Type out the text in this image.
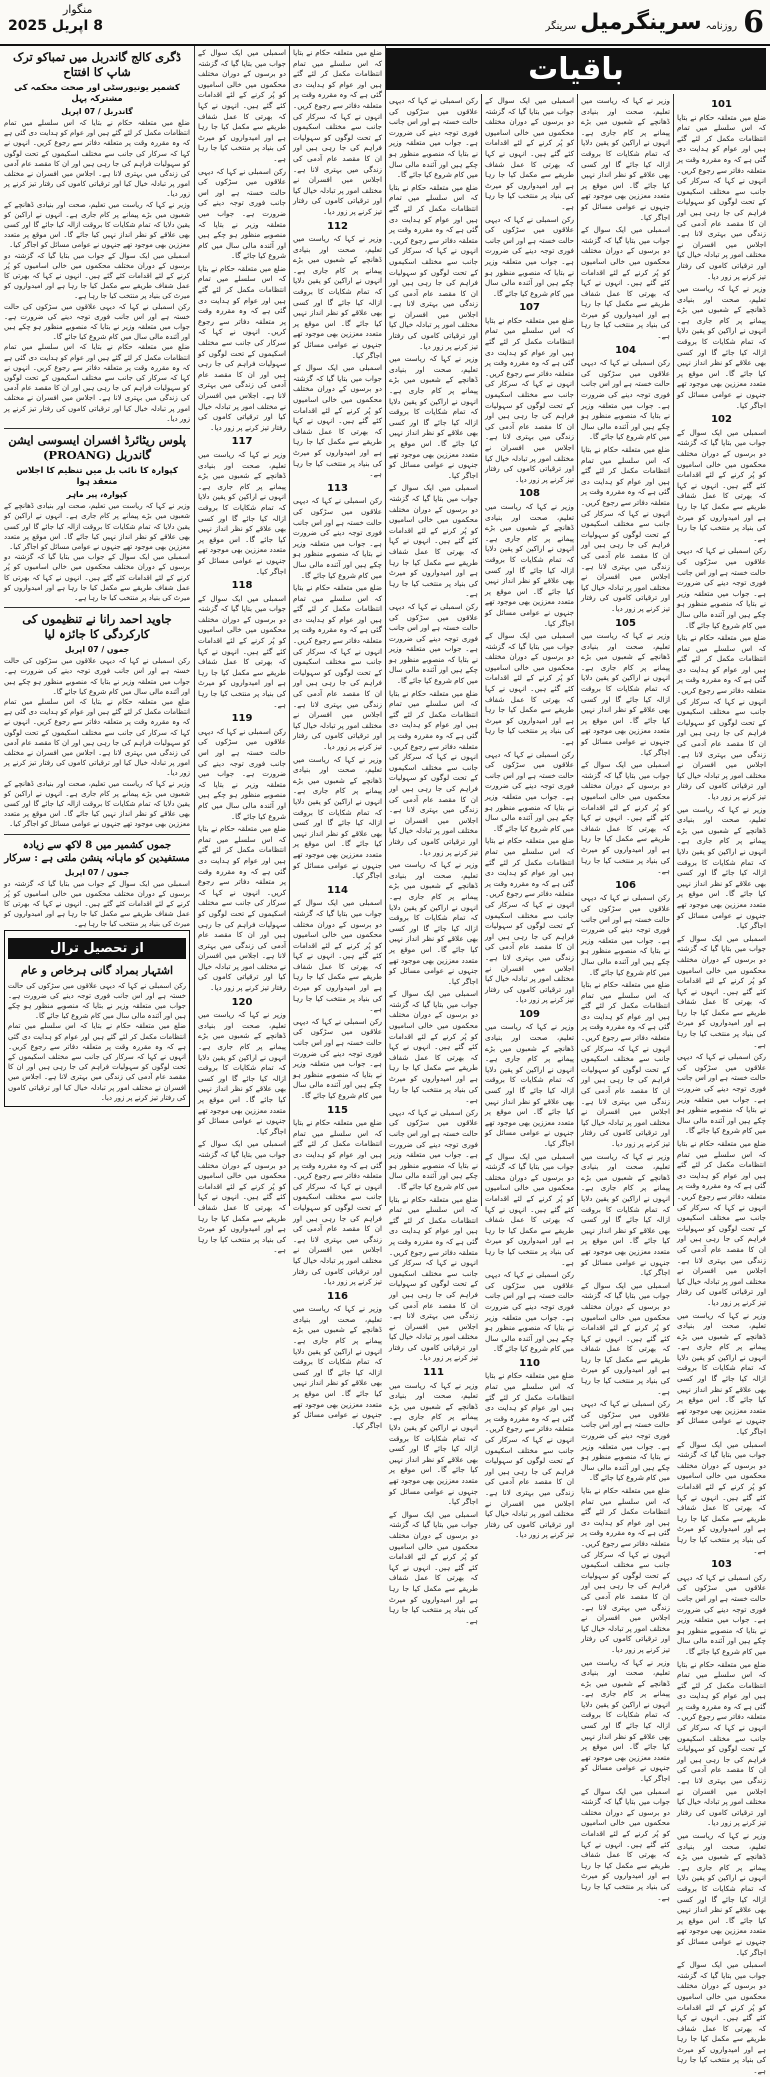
منگوار
8 اپریل 2025	6
روزنامہ
سرینگرمیل
سرینگر
باقیات
101

ضلع میں متعلقہ حکام نے بتایا کہ اس سلسلے میں تمام انتظامات مکمل کر لئے گئے ہیں اور عوام کو ہدایت دی گئی ہے کہ وہ مقررہ وقت پر متعلقہ دفاتر سے رجوع کریں۔ انہوں نے کہا کہ سرکار کی جانب سے مختلف اسکیموں کے تحت لوگوں کو سہولیات فراہم کی جا رہی ہیں اور ان کا مقصد عام آدمی کی زندگی میں بہتری لانا ہے۔ اجلاس میں افسران نے مختلف امور پر تبادلہ خیال کیا اور ترقیاتی کاموں کی رفتار تیز کرنے پر زور دیا۔

وزیر نے کہا کہ ریاست میں تعلیم، صحت اور بنیادی ڈھانچے کے شعبوں میں بڑے پیمانے پر کام جاری ہے۔ انہوں نے اراکین کو یقین دلایا کہ تمام شکایات کا بروقت ازالہ کیا جائے گا اور کسی بھی علاقے کو نظر انداز نہیں کیا جائے گا۔ اس موقع پر متعدد معززین بھی موجود تھے جنہوں نے عوامی مسائل کو اجاگر کیا۔

102

اسمبلی میں ایک سوال کے جواب میں بتایا گیا کہ گزشتہ دو برسوں کے دوران مختلف محکموں میں خالی اسامیوں کو پُر کرنے کے لئے اقدامات کئے گئے ہیں۔ انہوں نے کہا کہ بھرتی کا عمل شفاف طریقے سے مکمل کیا جا رہا ہے اور امیدواروں کو میرٹ کی بنیاد پر منتخب کیا جا رہا ہے۔

رکن اسمبلی نے کہا کہ دیہی علاقوں میں سڑکوں کی حالت خستہ ہے اور اس جانب فوری توجہ دینے کی ضرورت ہے۔ جواب میں متعلقہ وزیر نے بتایا کہ منصوبے منظور ہو چکے ہیں اور آئندہ مالی سال میں کام شروع کیا جائے گا۔

ضلع میں متعلقہ حکام نے بتایا کہ اس سلسلے میں تمام انتظامات مکمل کر لئے گئے ہیں اور عوام کو ہدایت دی گئی ہے کہ وہ مقررہ وقت پر متعلقہ دفاتر سے رجوع کریں۔ انہوں نے کہا کہ سرکار کی جانب سے مختلف اسکیموں کے تحت لوگوں کو سہولیات فراہم کی جا رہی ہیں اور ان کا مقصد عام آدمی کی زندگی میں بہتری لانا ہے۔ اجلاس میں افسران نے مختلف امور پر تبادلہ خیال کیا اور ترقیاتی کاموں کی رفتار تیز کرنے پر زور دیا۔

وزیر نے کہا کہ ریاست میں تعلیم، صحت اور بنیادی ڈھانچے کے شعبوں میں بڑے پیمانے پر کام جاری ہے۔ انہوں نے اراکین کو یقین دلایا کہ تمام شکایات کا بروقت ازالہ کیا جائے گا اور کسی بھی علاقے کو نظر انداز نہیں کیا جائے گا۔ اس موقع پر متعدد معززین بھی موجود تھے جنہوں نے عوامی مسائل کو اجاگر کیا۔

اسمبلی میں ایک سوال کے جواب میں بتایا گیا کہ گزشتہ دو برسوں کے دوران مختلف محکموں میں خالی اسامیوں کو پُر کرنے کے لئے اقدامات کئے گئے ہیں۔ انہوں نے کہا کہ بھرتی کا عمل شفاف طریقے سے مکمل کیا جا رہا ہے اور امیدواروں کو میرٹ کی بنیاد پر منتخب کیا جا رہا ہے۔

رکن اسمبلی نے کہا کہ دیہی علاقوں میں سڑکوں کی حالت خستہ ہے اور اس جانب فوری توجہ دینے کی ضرورت ہے۔ جواب میں متعلقہ وزیر نے بتایا کہ منصوبے منظور ہو چکے ہیں اور آئندہ مالی سال میں کام شروع کیا جائے گا۔

ضلع میں متعلقہ حکام نے بتایا کہ اس سلسلے میں تمام انتظامات مکمل کر لئے گئے ہیں اور عوام کو ہدایت دی گئی ہے کہ وہ مقررہ وقت پر متعلقہ دفاتر سے رجوع کریں۔ انہوں نے کہا کہ سرکار کی جانب سے مختلف اسکیموں کے تحت لوگوں کو سہولیات فراہم کی جا رہی ہیں اور ان کا مقصد عام آدمی کی زندگی میں بہتری لانا ہے۔ اجلاس میں افسران نے مختلف امور پر تبادلہ خیال کیا اور ترقیاتی کاموں کی رفتار تیز کرنے پر زور دیا۔

وزیر نے کہا کہ ریاست میں تعلیم، صحت اور بنیادی ڈھانچے کے شعبوں میں بڑے پیمانے پر کام جاری ہے۔ انہوں نے اراکین کو یقین دلایا کہ تمام شکایات کا بروقت ازالہ کیا جائے گا اور کسی بھی علاقے کو نظر انداز نہیں کیا جائے گا۔ اس موقع پر متعدد معززین بھی موجود تھے جنہوں نے عوامی مسائل کو اجاگر کیا۔

اسمبلی میں ایک سوال کے جواب میں بتایا گیا کہ گزشتہ دو برسوں کے دوران مختلف محکموں میں خالی اسامیوں کو پُر کرنے کے لئے اقدامات کئے گئے ہیں۔ انہوں نے کہا کہ بھرتی کا عمل شفاف طریقے سے مکمل کیا جا رہا ہے اور امیدواروں کو میرٹ کی بنیاد پر منتخب کیا جا رہا ہے۔

103

رکن اسمبلی نے کہا کہ دیہی علاقوں میں سڑکوں کی حالت خستہ ہے اور اس جانب فوری توجہ دینے کی ضرورت ہے۔ جواب میں متعلقہ وزیر نے بتایا کہ منصوبے منظور ہو چکے ہیں اور آئندہ مالی سال میں کام شروع کیا جائے گا۔

ضلع میں متعلقہ حکام نے بتایا کہ اس سلسلے میں تمام انتظامات مکمل کر لئے گئے ہیں اور عوام کو ہدایت دی گئی ہے کہ وہ مقررہ وقت پر متعلقہ دفاتر سے رجوع کریں۔ انہوں نے کہا کہ سرکار کی جانب سے مختلف اسکیموں کے تحت لوگوں کو سہولیات فراہم کی جا رہی ہیں اور ان کا مقصد عام آدمی کی زندگی میں بہتری لانا ہے۔ اجلاس میں افسران نے مختلف امور پر تبادلہ خیال کیا اور ترقیاتی کاموں کی رفتار تیز کرنے پر زور دیا۔

وزیر نے کہا کہ ریاست میں تعلیم، صحت اور بنیادی ڈھانچے کے شعبوں میں بڑے پیمانے پر کام جاری ہے۔ انہوں نے اراکین کو یقین دلایا کہ تمام شکایات کا بروقت ازالہ کیا جائے گا اور کسی بھی علاقے کو نظر انداز نہیں کیا جائے گا۔ اس موقع پر متعدد معززین بھی موجود تھے جنہوں نے عوامی مسائل کو اجاگر کیا۔

اسمبلی میں ایک سوال کے جواب میں بتایا گیا کہ گزشتہ دو برسوں کے دوران مختلف محکموں میں خالی اسامیوں کو پُر کرنے کے لئے اقدامات کئے گئے ہیں۔ انہوں نے کہا کہ بھرتی کا عمل شفاف طریقے سے مکمل کیا جا رہا ہے اور امیدواروں کو میرٹ کی بنیاد پر منتخب کیا جا رہا ہے۔

وزیر نے کہا کہ ریاست میں تعلیم، صحت اور بنیادی ڈھانچے کے شعبوں میں بڑے پیمانے پر کام جاری ہے۔ انہوں نے اراکین کو یقین دلایا کہ تمام شکایات کا بروقت ازالہ کیا جائے گا اور کسی بھی علاقے کو نظر انداز نہیں کیا جائے گا۔ اس موقع پر متعدد معززین بھی موجود تھے جنہوں نے عوامی مسائل کو اجاگر کیا۔

اسمبلی میں ایک سوال کے جواب میں بتایا گیا کہ گزشتہ دو برسوں کے دوران مختلف محکموں میں خالی اسامیوں کو پُر کرنے کے لئے اقدامات کئے گئے ہیں۔ انہوں نے کہا کہ بھرتی کا عمل شفاف طریقے سے مکمل کیا جا رہا ہے اور امیدواروں کو میرٹ کی بنیاد پر منتخب کیا جا رہا ہے۔

104

رکن اسمبلی نے کہا کہ دیہی علاقوں میں سڑکوں کی حالت خستہ ہے اور اس جانب فوری توجہ دینے کی ضرورت ہے۔ جواب میں متعلقہ وزیر نے بتایا کہ منصوبے منظور ہو چکے ہیں اور آئندہ مالی سال میں کام شروع کیا جائے گا۔

ضلع میں متعلقہ حکام نے بتایا کہ اس سلسلے میں تمام انتظامات مکمل کر لئے گئے ہیں اور عوام کو ہدایت دی گئی ہے کہ وہ مقررہ وقت پر متعلقہ دفاتر سے رجوع کریں۔ انہوں نے کہا کہ سرکار کی جانب سے مختلف اسکیموں کے تحت لوگوں کو سہولیات فراہم کی جا رہی ہیں اور ان کا مقصد عام آدمی کی زندگی میں بہتری لانا ہے۔ اجلاس میں افسران نے مختلف امور پر تبادلہ خیال کیا اور ترقیاتی کاموں کی رفتار تیز کرنے پر زور دیا۔

105

وزیر نے کہا کہ ریاست میں تعلیم، صحت اور بنیادی ڈھانچے کے شعبوں میں بڑے پیمانے پر کام جاری ہے۔ انہوں نے اراکین کو یقین دلایا کہ تمام شکایات کا بروقت ازالہ کیا جائے گا اور کسی بھی علاقے کو نظر انداز نہیں کیا جائے گا۔ اس موقع پر متعدد معززین بھی موجود تھے جنہوں نے عوامی مسائل کو اجاگر کیا۔

اسمبلی میں ایک سوال کے جواب میں بتایا گیا کہ گزشتہ دو برسوں کے دوران مختلف محکموں میں خالی اسامیوں کو پُر کرنے کے لئے اقدامات کئے گئے ہیں۔ انہوں نے کہا کہ بھرتی کا عمل شفاف طریقے سے مکمل کیا جا رہا ہے اور امیدواروں کو میرٹ کی بنیاد پر منتخب کیا جا رہا ہے۔

106

رکن اسمبلی نے کہا کہ دیہی علاقوں میں سڑکوں کی حالت خستہ ہے اور اس جانب فوری توجہ دینے کی ضرورت ہے۔ جواب میں متعلقہ وزیر نے بتایا کہ منصوبے منظور ہو چکے ہیں اور آئندہ مالی سال میں کام شروع کیا جائے گا۔

ضلع میں متعلقہ حکام نے بتایا کہ اس سلسلے میں تمام انتظامات مکمل کر لئے گئے ہیں اور عوام کو ہدایت دی گئی ہے کہ وہ مقررہ وقت پر متعلقہ دفاتر سے رجوع کریں۔ انہوں نے کہا کہ سرکار کی جانب سے مختلف اسکیموں کے تحت لوگوں کو سہولیات فراہم کی جا رہی ہیں اور ان کا مقصد عام آدمی کی زندگی میں بہتری لانا ہے۔ اجلاس میں افسران نے مختلف امور پر تبادلہ خیال کیا اور ترقیاتی کاموں کی رفتار تیز کرنے پر زور دیا۔

وزیر نے کہا کہ ریاست میں تعلیم، صحت اور بنیادی ڈھانچے کے شعبوں میں بڑے پیمانے پر کام جاری ہے۔ انہوں نے اراکین کو یقین دلایا کہ تمام شکایات کا بروقت ازالہ کیا جائے گا اور کسی بھی علاقے کو نظر انداز نہیں کیا جائے گا۔ اس موقع پر متعدد معززین بھی موجود تھے جنہوں نے عوامی مسائل کو اجاگر کیا۔

اسمبلی میں ایک سوال کے جواب میں بتایا گیا کہ گزشتہ دو برسوں کے دوران مختلف محکموں میں خالی اسامیوں کو پُر کرنے کے لئے اقدامات کئے گئے ہیں۔ انہوں نے کہا کہ بھرتی کا عمل شفاف طریقے سے مکمل کیا جا رہا ہے اور امیدواروں کو میرٹ کی بنیاد پر منتخب کیا جا رہا ہے۔

رکن اسمبلی نے کہا کہ دیہی علاقوں میں سڑکوں کی حالت خستہ ہے اور اس جانب فوری توجہ دینے کی ضرورت ہے۔ جواب میں متعلقہ وزیر نے بتایا کہ منصوبے منظور ہو چکے ہیں اور آئندہ مالی سال میں کام شروع کیا جائے گا۔

ضلع میں متعلقہ حکام نے بتایا کہ اس سلسلے میں تمام انتظامات مکمل کر لئے گئے ہیں اور عوام کو ہدایت دی گئی ہے کہ وہ مقررہ وقت پر متعلقہ دفاتر سے رجوع کریں۔ انہوں نے کہا کہ سرکار کی جانب سے مختلف اسکیموں کے تحت لوگوں کو سہولیات فراہم کی جا رہی ہیں اور ان کا مقصد عام آدمی کی زندگی میں بہتری لانا ہے۔ اجلاس میں افسران نے مختلف امور پر تبادلہ خیال کیا اور ترقیاتی کاموں کی رفتار تیز کرنے پر زور دیا۔

وزیر نے کہا کہ ریاست میں تعلیم، صحت اور بنیادی ڈھانچے کے شعبوں میں بڑے پیمانے پر کام جاری ہے۔ انہوں نے اراکین کو یقین دلایا کہ تمام شکایات کا بروقت ازالہ کیا جائے گا اور کسی بھی علاقے کو نظر انداز نہیں کیا جائے گا۔ اس موقع پر متعدد معززین بھی موجود تھے جنہوں نے عوامی مسائل کو اجاگر کیا۔

اسمبلی میں ایک سوال کے جواب میں بتایا گیا کہ گزشتہ دو برسوں کے دوران مختلف محکموں میں خالی اسامیوں کو پُر کرنے کے لئے اقدامات کئے گئے ہیں۔ انہوں نے کہا کہ بھرتی کا عمل شفاف طریقے سے مکمل کیا جا رہا ہے اور امیدواروں کو میرٹ کی بنیاد پر منتخب کیا جا رہا ہے۔

اسمبلی میں ایک سوال کے جواب میں بتایا گیا کہ گزشتہ دو برسوں کے دوران مختلف محکموں میں خالی اسامیوں کو پُر کرنے کے لئے اقدامات کئے گئے ہیں۔ انہوں نے کہا کہ بھرتی کا عمل شفاف طریقے سے مکمل کیا جا رہا ہے اور امیدواروں کو میرٹ کی بنیاد پر منتخب کیا جا رہا ہے۔

رکن اسمبلی نے کہا کہ دیہی علاقوں میں سڑکوں کی حالت خستہ ہے اور اس جانب فوری توجہ دینے کی ضرورت ہے۔ جواب میں متعلقہ وزیر نے بتایا کہ منصوبے منظور ہو چکے ہیں اور آئندہ مالی سال میں کام شروع کیا جائے گا۔

107

ضلع میں متعلقہ حکام نے بتایا کہ اس سلسلے میں تمام انتظامات مکمل کر لئے گئے ہیں اور عوام کو ہدایت دی گئی ہے کہ وہ مقررہ وقت پر متعلقہ دفاتر سے رجوع کریں۔ انہوں نے کہا کہ سرکار کی جانب سے مختلف اسکیموں کے تحت لوگوں کو سہولیات فراہم کی جا رہی ہیں اور ان کا مقصد عام آدمی کی زندگی میں بہتری لانا ہے۔ اجلاس میں افسران نے مختلف امور پر تبادلہ خیال کیا اور ترقیاتی کاموں کی رفتار تیز کرنے پر زور دیا۔

108

وزیر نے کہا کہ ریاست میں تعلیم، صحت اور بنیادی ڈھانچے کے شعبوں میں بڑے پیمانے پر کام جاری ہے۔ انہوں نے اراکین کو یقین دلایا کہ تمام شکایات کا بروقت ازالہ کیا جائے گا اور کسی بھی علاقے کو نظر انداز نہیں کیا جائے گا۔ اس موقع پر متعدد معززین بھی موجود تھے جنہوں نے عوامی مسائل کو اجاگر کیا۔

اسمبلی میں ایک سوال کے جواب میں بتایا گیا کہ گزشتہ دو برسوں کے دوران مختلف محکموں میں خالی اسامیوں کو پُر کرنے کے لئے اقدامات کئے گئے ہیں۔ انہوں نے کہا کہ بھرتی کا عمل شفاف طریقے سے مکمل کیا جا رہا ہے اور امیدواروں کو میرٹ کی بنیاد پر منتخب کیا جا رہا ہے۔

رکن اسمبلی نے کہا کہ دیہی علاقوں میں سڑکوں کی حالت خستہ ہے اور اس جانب فوری توجہ دینے کی ضرورت ہے۔ جواب میں متعلقہ وزیر نے بتایا کہ منصوبے منظور ہو چکے ہیں اور آئندہ مالی سال میں کام شروع کیا جائے گا۔

ضلع میں متعلقہ حکام نے بتایا کہ اس سلسلے میں تمام انتظامات مکمل کر لئے گئے ہیں اور عوام کو ہدایت دی گئی ہے کہ وہ مقررہ وقت پر متعلقہ دفاتر سے رجوع کریں۔ انہوں نے کہا کہ سرکار کی جانب سے مختلف اسکیموں کے تحت لوگوں کو سہولیات فراہم کی جا رہی ہیں اور ان کا مقصد عام آدمی کی زندگی میں بہتری لانا ہے۔ اجلاس میں افسران نے مختلف امور پر تبادلہ خیال کیا اور ترقیاتی کاموں کی رفتار تیز کرنے پر زور دیا۔

109

وزیر نے کہا کہ ریاست میں تعلیم، صحت اور بنیادی ڈھانچے کے شعبوں میں بڑے پیمانے پر کام جاری ہے۔ انہوں نے اراکین کو یقین دلایا کہ تمام شکایات کا بروقت ازالہ کیا جائے گا اور کسی بھی علاقے کو نظر انداز نہیں کیا جائے گا۔ اس موقع پر متعدد معززین بھی موجود تھے جنہوں نے عوامی مسائل کو اجاگر کیا۔

اسمبلی میں ایک سوال کے جواب میں بتایا گیا کہ گزشتہ دو برسوں کے دوران مختلف محکموں میں خالی اسامیوں کو پُر کرنے کے لئے اقدامات کئے گئے ہیں۔ انہوں نے کہا کہ بھرتی کا عمل شفاف طریقے سے مکمل کیا جا رہا ہے اور امیدواروں کو میرٹ کی بنیاد پر منتخب کیا جا رہا ہے۔

رکن اسمبلی نے کہا کہ دیہی علاقوں میں سڑکوں کی حالت خستہ ہے اور اس جانب فوری توجہ دینے کی ضرورت ہے۔ جواب میں متعلقہ وزیر نے بتایا کہ منصوبے منظور ہو چکے ہیں اور آئندہ مالی سال میں کام شروع کیا جائے گا۔

110

ضلع میں متعلقہ حکام نے بتایا کہ اس سلسلے میں تمام انتظامات مکمل کر لئے گئے ہیں اور عوام کو ہدایت دی گئی ہے کہ وہ مقررہ وقت پر متعلقہ دفاتر سے رجوع کریں۔ انہوں نے کہا کہ سرکار کی جانب سے مختلف اسکیموں کے تحت لوگوں کو سہولیات فراہم کی جا رہی ہیں اور ان کا مقصد عام آدمی کی زندگی میں بہتری لانا ہے۔ اجلاس میں افسران نے مختلف امور پر تبادلہ خیال کیا اور ترقیاتی کاموں کی رفتار تیز کرنے پر زور دیا۔

رکن اسمبلی نے کہا کہ دیہی علاقوں میں سڑکوں کی حالت خستہ ہے اور اس جانب فوری توجہ دینے کی ضرورت ہے۔ جواب میں متعلقہ وزیر نے بتایا کہ منصوبے منظور ہو چکے ہیں اور آئندہ مالی سال میں کام شروع کیا جائے گا۔

ضلع میں متعلقہ حکام نے بتایا کہ اس سلسلے میں تمام انتظامات مکمل کر لئے گئے ہیں اور عوام کو ہدایت دی گئی ہے کہ وہ مقررہ وقت پر متعلقہ دفاتر سے رجوع کریں۔ انہوں نے کہا کہ سرکار کی جانب سے مختلف اسکیموں کے تحت لوگوں کو سہولیات فراہم کی جا رہی ہیں اور ان کا مقصد عام آدمی کی زندگی میں بہتری لانا ہے۔ اجلاس میں افسران نے مختلف امور پر تبادلہ خیال کیا اور ترقیاتی کاموں کی رفتار تیز کرنے پر زور دیا۔

وزیر نے کہا کہ ریاست میں تعلیم، صحت اور بنیادی ڈھانچے کے شعبوں میں بڑے پیمانے پر کام جاری ہے۔ انہوں نے اراکین کو یقین دلایا کہ تمام شکایات کا بروقت ازالہ کیا جائے گا اور کسی بھی علاقے کو نظر انداز نہیں کیا جائے گا۔ اس موقع پر متعدد معززین بھی موجود تھے جنہوں نے عوامی مسائل کو اجاگر کیا۔

اسمبلی میں ایک سوال کے جواب میں بتایا گیا کہ گزشتہ دو برسوں کے دوران مختلف محکموں میں خالی اسامیوں کو پُر کرنے کے لئے اقدامات کئے گئے ہیں۔ انہوں نے کہا کہ بھرتی کا عمل شفاف طریقے سے مکمل کیا جا رہا ہے اور امیدواروں کو میرٹ کی بنیاد پر منتخب کیا جا رہا ہے۔

رکن اسمبلی نے کہا کہ دیہی علاقوں میں سڑکوں کی حالت خستہ ہے اور اس جانب فوری توجہ دینے کی ضرورت ہے۔ جواب میں متعلقہ وزیر نے بتایا کہ منصوبے منظور ہو چکے ہیں اور آئندہ مالی سال میں کام شروع کیا جائے گا۔

ضلع میں متعلقہ حکام نے بتایا کہ اس سلسلے میں تمام انتظامات مکمل کر لئے گئے ہیں اور عوام کو ہدایت دی گئی ہے کہ وہ مقررہ وقت پر متعلقہ دفاتر سے رجوع کریں۔ انہوں نے کہا کہ سرکار کی جانب سے مختلف اسکیموں کے تحت لوگوں کو سہولیات فراہم کی جا رہی ہیں اور ان کا مقصد عام آدمی کی زندگی میں بہتری لانا ہے۔ اجلاس میں افسران نے مختلف امور پر تبادلہ خیال کیا اور ترقیاتی کاموں کی رفتار تیز کرنے پر زور دیا۔

وزیر نے کہا کہ ریاست میں تعلیم، صحت اور بنیادی ڈھانچے کے شعبوں میں بڑے پیمانے پر کام جاری ہے۔ انہوں نے اراکین کو یقین دلایا کہ تمام شکایات کا بروقت ازالہ کیا جائے گا اور کسی بھی علاقے کو نظر انداز نہیں کیا جائے گا۔ اس موقع پر متعدد معززین بھی موجود تھے جنہوں نے عوامی مسائل کو اجاگر کیا۔

اسمبلی میں ایک سوال کے جواب میں بتایا گیا کہ گزشتہ دو برسوں کے دوران مختلف محکموں میں خالی اسامیوں کو پُر کرنے کے لئے اقدامات کئے گئے ہیں۔ انہوں نے کہا کہ بھرتی کا عمل شفاف طریقے سے مکمل کیا جا رہا ہے اور امیدواروں کو میرٹ کی بنیاد پر منتخب کیا جا رہا ہے۔

رکن اسمبلی نے کہا کہ دیہی علاقوں میں سڑکوں کی حالت خستہ ہے اور اس جانب فوری توجہ دینے کی ضرورت ہے۔ جواب میں متعلقہ وزیر نے بتایا کہ منصوبے منظور ہو چکے ہیں اور آئندہ مالی سال میں کام شروع کیا جائے گا۔

ضلع میں متعلقہ حکام نے بتایا کہ اس سلسلے میں تمام انتظامات مکمل کر لئے گئے ہیں اور عوام کو ہدایت دی گئی ہے کہ وہ مقررہ وقت پر متعلقہ دفاتر سے رجوع کریں۔ انہوں نے کہا کہ سرکار کی جانب سے مختلف اسکیموں کے تحت لوگوں کو سہولیات فراہم کی جا رہی ہیں اور ان کا مقصد عام آدمی کی زندگی میں بہتری لانا ہے۔ اجلاس میں افسران نے مختلف امور پر تبادلہ خیال کیا اور ترقیاتی کاموں کی رفتار تیز کرنے پر زور دیا۔

111

وزیر نے کہا کہ ریاست میں تعلیم، صحت اور بنیادی ڈھانچے کے شعبوں میں بڑے پیمانے پر کام جاری ہے۔ انہوں نے اراکین کو یقین دلایا کہ تمام شکایات کا بروقت ازالہ کیا جائے گا اور کسی بھی علاقے کو نظر انداز نہیں کیا جائے گا۔ اس موقع پر متعدد معززین بھی موجود تھے جنہوں نے عوامی مسائل کو اجاگر کیا۔

اسمبلی میں ایک سوال کے جواب میں بتایا گیا کہ گزشتہ دو برسوں کے دوران مختلف محکموں میں خالی اسامیوں کو پُر کرنے کے لئے اقدامات کئے گئے ہیں۔ انہوں نے کہا کہ بھرتی کا عمل شفاف طریقے سے مکمل کیا جا رہا ہے اور امیدواروں کو میرٹ کی بنیاد پر منتخب کیا جا رہا ہے۔

ضلع میں متعلقہ حکام نے بتایا کہ اس سلسلے میں تمام انتظامات مکمل کر لئے گئے ہیں اور عوام کو ہدایت دی گئی ہے کہ وہ مقررہ وقت پر متعلقہ دفاتر سے رجوع کریں۔ انہوں نے کہا کہ سرکار کی جانب سے مختلف اسکیموں کے تحت لوگوں کو سہولیات فراہم کی جا رہی ہیں اور ان کا مقصد عام آدمی کی زندگی میں بہتری لانا ہے۔ اجلاس میں افسران نے مختلف امور پر تبادلہ خیال کیا اور ترقیاتی کاموں کی رفتار تیز کرنے پر زور دیا۔

112

وزیر نے کہا کہ ریاست میں تعلیم، صحت اور بنیادی ڈھانچے کے شعبوں میں بڑے پیمانے پر کام جاری ہے۔ انہوں نے اراکین کو یقین دلایا کہ تمام شکایات کا بروقت ازالہ کیا جائے گا اور کسی بھی علاقے کو نظر انداز نہیں کیا جائے گا۔ اس موقع پر متعدد معززین بھی موجود تھے جنہوں نے عوامی مسائل کو اجاگر کیا۔

اسمبلی میں ایک سوال کے جواب میں بتایا گیا کہ گزشتہ دو برسوں کے دوران مختلف محکموں میں خالی اسامیوں کو پُر کرنے کے لئے اقدامات کئے گئے ہیں۔ انہوں نے کہا کہ بھرتی کا عمل شفاف طریقے سے مکمل کیا جا رہا ہے اور امیدواروں کو میرٹ کی بنیاد پر منتخب کیا جا رہا ہے۔

113

رکن اسمبلی نے کہا کہ دیہی علاقوں میں سڑکوں کی حالت خستہ ہے اور اس جانب فوری توجہ دینے کی ضرورت ہے۔ جواب میں متعلقہ وزیر نے بتایا کہ منصوبے منظور ہو چکے ہیں اور آئندہ مالی سال میں کام شروع کیا جائے گا۔

ضلع میں متعلقہ حکام نے بتایا کہ اس سلسلے میں تمام انتظامات مکمل کر لئے گئے ہیں اور عوام کو ہدایت دی گئی ہے کہ وہ مقررہ وقت پر متعلقہ دفاتر سے رجوع کریں۔ انہوں نے کہا کہ سرکار کی جانب سے مختلف اسکیموں کے تحت لوگوں کو سہولیات فراہم کی جا رہی ہیں اور ان کا مقصد عام آدمی کی زندگی میں بہتری لانا ہے۔ اجلاس میں افسران نے مختلف امور پر تبادلہ خیال کیا اور ترقیاتی کاموں کی رفتار تیز کرنے پر زور دیا۔

وزیر نے کہا کہ ریاست میں تعلیم، صحت اور بنیادی ڈھانچے کے شعبوں میں بڑے پیمانے پر کام جاری ہے۔ انہوں نے اراکین کو یقین دلایا کہ تمام شکایات کا بروقت ازالہ کیا جائے گا اور کسی بھی علاقے کو نظر انداز نہیں کیا جائے گا۔ اس موقع پر متعدد معززین بھی موجود تھے جنہوں نے عوامی مسائل کو اجاگر کیا۔

114

اسمبلی میں ایک سوال کے جواب میں بتایا گیا کہ گزشتہ دو برسوں کے دوران مختلف محکموں میں خالی اسامیوں کو پُر کرنے کے لئے اقدامات کئے گئے ہیں۔ انہوں نے کہا کہ بھرتی کا عمل شفاف طریقے سے مکمل کیا جا رہا ہے اور امیدواروں کو میرٹ کی بنیاد پر منتخب کیا جا رہا ہے۔

رکن اسمبلی نے کہا کہ دیہی علاقوں میں سڑکوں کی حالت خستہ ہے اور اس جانب فوری توجہ دینے کی ضرورت ہے۔ جواب میں متعلقہ وزیر نے بتایا کہ منصوبے منظور ہو چکے ہیں اور آئندہ مالی سال میں کام شروع کیا جائے گا۔

115

ضلع میں متعلقہ حکام نے بتایا کہ اس سلسلے میں تمام انتظامات مکمل کر لئے گئے ہیں اور عوام کو ہدایت دی گئی ہے کہ وہ مقررہ وقت پر متعلقہ دفاتر سے رجوع کریں۔ انہوں نے کہا کہ سرکار کی جانب سے مختلف اسکیموں کے تحت لوگوں کو سہولیات فراہم کی جا رہی ہیں اور ان کا مقصد عام آدمی کی زندگی میں بہتری لانا ہے۔ اجلاس میں افسران نے مختلف امور پر تبادلہ خیال کیا اور ترقیاتی کاموں کی رفتار تیز کرنے پر زور دیا۔

116

وزیر نے کہا کہ ریاست میں تعلیم، صحت اور بنیادی ڈھانچے کے شعبوں میں بڑے پیمانے پر کام جاری ہے۔ انہوں نے اراکین کو یقین دلایا کہ تمام شکایات کا بروقت ازالہ کیا جائے گا اور کسی بھی علاقے کو نظر انداز نہیں کیا جائے گا۔ اس موقع پر متعدد معززین بھی موجود تھے جنہوں نے عوامی مسائل کو اجاگر کیا۔

اسمبلی میں ایک سوال کے جواب میں بتایا گیا کہ گزشتہ دو برسوں کے دوران مختلف محکموں میں خالی اسامیوں کو پُر کرنے کے لئے اقدامات کئے گئے ہیں۔ انہوں نے کہا کہ بھرتی کا عمل شفاف طریقے سے مکمل کیا جا رہا ہے اور امیدواروں کو میرٹ کی بنیاد پر منتخب کیا جا رہا ہے۔

رکن اسمبلی نے کہا کہ دیہی علاقوں میں سڑکوں کی حالت خستہ ہے اور اس جانب فوری توجہ دینے کی ضرورت ہے۔ جواب میں متعلقہ وزیر نے بتایا کہ منصوبے منظور ہو چکے ہیں اور آئندہ مالی سال میں کام شروع کیا جائے گا۔

ضلع میں متعلقہ حکام نے بتایا کہ اس سلسلے میں تمام انتظامات مکمل کر لئے گئے ہیں اور عوام کو ہدایت دی گئی ہے کہ وہ مقررہ وقت پر متعلقہ دفاتر سے رجوع کریں۔ انہوں نے کہا کہ سرکار کی جانب سے مختلف اسکیموں کے تحت لوگوں کو سہولیات فراہم کی جا رہی ہیں اور ان کا مقصد عام آدمی کی زندگی میں بہتری لانا ہے۔ اجلاس میں افسران نے مختلف امور پر تبادلہ خیال کیا اور ترقیاتی کاموں کی رفتار تیز کرنے پر زور دیا۔

117

وزیر نے کہا کہ ریاست میں تعلیم، صحت اور بنیادی ڈھانچے کے شعبوں میں بڑے پیمانے پر کام جاری ہے۔ انہوں نے اراکین کو یقین دلایا کہ تمام شکایات کا بروقت ازالہ کیا جائے گا اور کسی بھی علاقے کو نظر انداز نہیں کیا جائے گا۔ اس موقع پر متعدد معززین بھی موجود تھے جنہوں نے عوامی مسائل کو اجاگر کیا۔

118

اسمبلی میں ایک سوال کے جواب میں بتایا گیا کہ گزشتہ دو برسوں کے دوران مختلف محکموں میں خالی اسامیوں کو پُر کرنے کے لئے اقدامات کئے گئے ہیں۔ انہوں نے کہا کہ بھرتی کا عمل شفاف طریقے سے مکمل کیا جا رہا ہے اور امیدواروں کو میرٹ کی بنیاد پر منتخب کیا جا رہا ہے۔

119

رکن اسمبلی نے کہا کہ دیہی علاقوں میں سڑکوں کی حالت خستہ ہے اور اس جانب فوری توجہ دینے کی ضرورت ہے۔ جواب میں متعلقہ وزیر نے بتایا کہ منصوبے منظور ہو چکے ہیں اور آئندہ مالی سال میں کام شروع کیا جائے گا۔

ضلع میں متعلقہ حکام نے بتایا کہ اس سلسلے میں تمام انتظامات مکمل کر لئے گئے ہیں اور عوام کو ہدایت دی گئی ہے کہ وہ مقررہ وقت پر متعلقہ دفاتر سے رجوع کریں۔ انہوں نے کہا کہ سرکار کی جانب سے مختلف اسکیموں کے تحت لوگوں کو سہولیات فراہم کی جا رہی ہیں اور ان کا مقصد عام آدمی کی زندگی میں بہتری لانا ہے۔ اجلاس میں افسران نے مختلف امور پر تبادلہ خیال کیا اور ترقیاتی کاموں کی رفتار تیز کرنے پر زور دیا۔

120

وزیر نے کہا کہ ریاست میں تعلیم، صحت اور بنیادی ڈھانچے کے شعبوں میں بڑے پیمانے پر کام جاری ہے۔ انہوں نے اراکین کو یقین دلایا کہ تمام شکایات کا بروقت ازالہ کیا جائے گا اور کسی بھی علاقے کو نظر انداز نہیں کیا جائے گا۔ اس موقع پر متعدد معززین بھی موجود تھے جنہوں نے عوامی مسائل کو اجاگر کیا۔

اسمبلی میں ایک سوال کے جواب میں بتایا گیا کہ گزشتہ دو برسوں کے دوران مختلف محکموں میں خالی اسامیوں کو پُر کرنے کے لئے اقدامات کئے گئے ہیں۔ انہوں نے کہا کہ بھرتی کا عمل شفاف طریقے سے مکمل کیا جا رہا ہے اور امیدواروں کو میرٹ کی بنیاد پر منتخب کیا جا رہا ہے۔

ڈگری کالج گاندربل میں تمباکو ترک شاپ کا افتتاح
کشمیر یونیورسٹی اور صحت محکمہ کی مشترکہ پہل
گاندربل / 07 اپریل
ضلع میں متعلقہ حکام نے بتایا کہ اس سلسلے میں تمام انتظامات مکمل کر لئے گئے ہیں اور عوام کو ہدایت دی گئی ہے کہ وہ مقررہ وقت پر متعلقہ دفاتر سے رجوع کریں۔ انہوں نے کہا کہ سرکار کی جانب سے مختلف اسکیموں کے تحت لوگوں کو سہولیات فراہم کی جا رہی ہیں اور ان کا مقصد عام آدمی کی زندگی میں بہتری لانا ہے۔ اجلاس میں افسران نے مختلف امور پر تبادلہ خیال کیا اور ترقیاتی کاموں کی رفتار تیز کرنے پر زور دیا۔
وزیر نے کہا کہ ریاست میں تعلیم، صحت اور بنیادی ڈھانچے کے شعبوں میں بڑے پیمانے پر کام جاری ہے۔ انہوں نے اراکین کو یقین دلایا کہ تمام شکایات کا بروقت ازالہ کیا جائے گا اور کسی بھی علاقے کو نظر انداز نہیں کیا جائے گا۔ اس موقع پر متعدد معززین بھی موجود تھے جنہوں نے عوامی مسائل کو اجاگر کیا۔
اسمبلی میں ایک سوال کے جواب میں بتایا گیا کہ گزشتہ دو برسوں کے دوران مختلف محکموں میں خالی اسامیوں کو پُر کرنے کے لئے اقدامات کئے گئے ہیں۔ انہوں نے کہا کہ بھرتی کا عمل شفاف طریقے سے مکمل کیا جا رہا ہے اور امیدواروں کو میرٹ کی بنیاد پر منتخب کیا جا رہا ہے۔
رکن اسمبلی نے کہا کہ دیہی علاقوں میں سڑکوں کی حالت خستہ ہے اور اس جانب فوری توجہ دینے کی ضرورت ہے۔ جواب میں متعلقہ وزیر نے بتایا کہ منصوبے منظور ہو چکے ہیں اور آئندہ مالی سال میں کام شروع کیا جائے گا۔
ضلع میں متعلقہ حکام نے بتایا کہ اس سلسلے میں تمام انتظامات مکمل کر لئے گئے ہیں اور عوام کو ہدایت دی گئی ہے کہ وہ مقررہ وقت پر متعلقہ دفاتر سے رجوع کریں۔ انہوں نے کہا کہ سرکار کی جانب سے مختلف اسکیموں کے تحت لوگوں کو سہولیات فراہم کی جا رہی ہیں اور ان کا مقصد عام آدمی کی زندگی میں بہتری لانا ہے۔ اجلاس میں افسران نے مختلف امور پر تبادلہ خیال کیا اور ترقیاتی کاموں کی رفتار تیز کرنے پر زور دیا۔
پلوس ریٹائرڈ افسران ایسوسی ایشن گاندربل (PROANG)
کپوارہ کا نائب بل میں تنظیم کا اجلاس منعقد ہوا
کپوارہ، پیر ماہر
وزیر نے کہا کہ ریاست میں تعلیم، صحت اور بنیادی ڈھانچے کے شعبوں میں بڑے پیمانے پر کام جاری ہے۔ انہوں نے اراکین کو یقین دلایا کہ تمام شکایات کا بروقت ازالہ کیا جائے گا اور کسی بھی علاقے کو نظر انداز نہیں کیا جائے گا۔ اس موقع پر متعدد معززین بھی موجود تھے جنہوں نے عوامی مسائل کو اجاگر کیا۔
اسمبلی میں ایک سوال کے جواب میں بتایا گیا کہ گزشتہ دو برسوں کے دوران مختلف محکموں میں خالی اسامیوں کو پُر کرنے کے لئے اقدامات کئے گئے ہیں۔ انہوں نے کہا کہ بھرتی کا عمل شفاف طریقے سے مکمل کیا جا رہا ہے اور امیدواروں کو میرٹ کی بنیاد پر منتخب کیا جا رہا ہے۔
جاوید احمد رانا نے تنظیموں کی کارکردگی کا جائزہ لیا
جموں / 07 اپریل
رکن اسمبلی نے کہا کہ دیہی علاقوں میں سڑکوں کی حالت خستہ ہے اور اس جانب فوری توجہ دینے کی ضرورت ہے۔ جواب میں متعلقہ وزیر نے بتایا کہ منصوبے منظور ہو چکے ہیں اور آئندہ مالی سال میں کام شروع کیا جائے گا۔
ضلع میں متعلقہ حکام نے بتایا کہ اس سلسلے میں تمام انتظامات مکمل کر لئے گئے ہیں اور عوام کو ہدایت دی گئی ہے کہ وہ مقررہ وقت پر متعلقہ دفاتر سے رجوع کریں۔ انہوں نے کہا کہ سرکار کی جانب سے مختلف اسکیموں کے تحت لوگوں کو سہولیات فراہم کی جا رہی ہیں اور ان کا مقصد عام آدمی کی زندگی میں بہتری لانا ہے۔ اجلاس میں افسران نے مختلف امور پر تبادلہ خیال کیا اور ترقیاتی کاموں کی رفتار تیز کرنے پر زور دیا۔
وزیر نے کہا کہ ریاست میں تعلیم، صحت اور بنیادی ڈھانچے کے شعبوں میں بڑے پیمانے پر کام جاری ہے۔ انہوں نے اراکین کو یقین دلایا کہ تمام شکایات کا بروقت ازالہ کیا جائے گا اور کسی بھی علاقے کو نظر انداز نہیں کیا جائے گا۔ اس موقع پر متعدد معززین بھی موجود تھے جنہوں نے عوامی مسائل کو اجاگر کیا۔
جموں کشمیر میں 8 لاکھ سے زیادہ مستفیدین کو ماہانہ پنشن ملتی ہے : سرکار
جموں / 07 اپریل
اسمبلی میں ایک سوال کے جواب میں بتایا گیا کہ گزشتہ دو برسوں کے دوران مختلف محکموں میں خالی اسامیوں کو پُر کرنے کے لئے اقدامات کئے گئے ہیں۔ انہوں نے کہا کہ بھرتی کا عمل شفاف طریقے سے مکمل کیا جا رہا ہے اور امیدواروں کو میرٹ کی بنیاد پر منتخب کیا جا رہا ہے۔
از تحصیل ترال
اشتہار بمراد گانی ہرخاص و عام
رکن اسمبلی نے کہا کہ دیہی علاقوں میں سڑکوں کی حالت خستہ ہے اور اس جانب فوری توجہ دینے کی ضرورت ہے۔ جواب میں متعلقہ وزیر نے بتایا کہ منصوبے منظور ہو چکے ہیں اور آئندہ مالی سال میں کام شروع کیا جائے گا۔
ضلع میں متعلقہ حکام نے بتایا کہ اس سلسلے میں تمام انتظامات مکمل کر لئے گئے ہیں اور عوام کو ہدایت دی گئی ہے کہ وہ مقررہ وقت پر متعلقہ دفاتر سے رجوع کریں۔ انہوں نے کہا کہ سرکار کی جانب سے مختلف اسکیموں کے تحت لوگوں کو سہولیات فراہم کی جا رہی ہیں اور ان کا مقصد عام آدمی کی زندگی میں بہتری لانا ہے۔ اجلاس میں افسران نے مختلف امور پر تبادلہ خیال کیا اور ترقیاتی کاموں کی رفتار تیز کرنے پر زور دیا۔
